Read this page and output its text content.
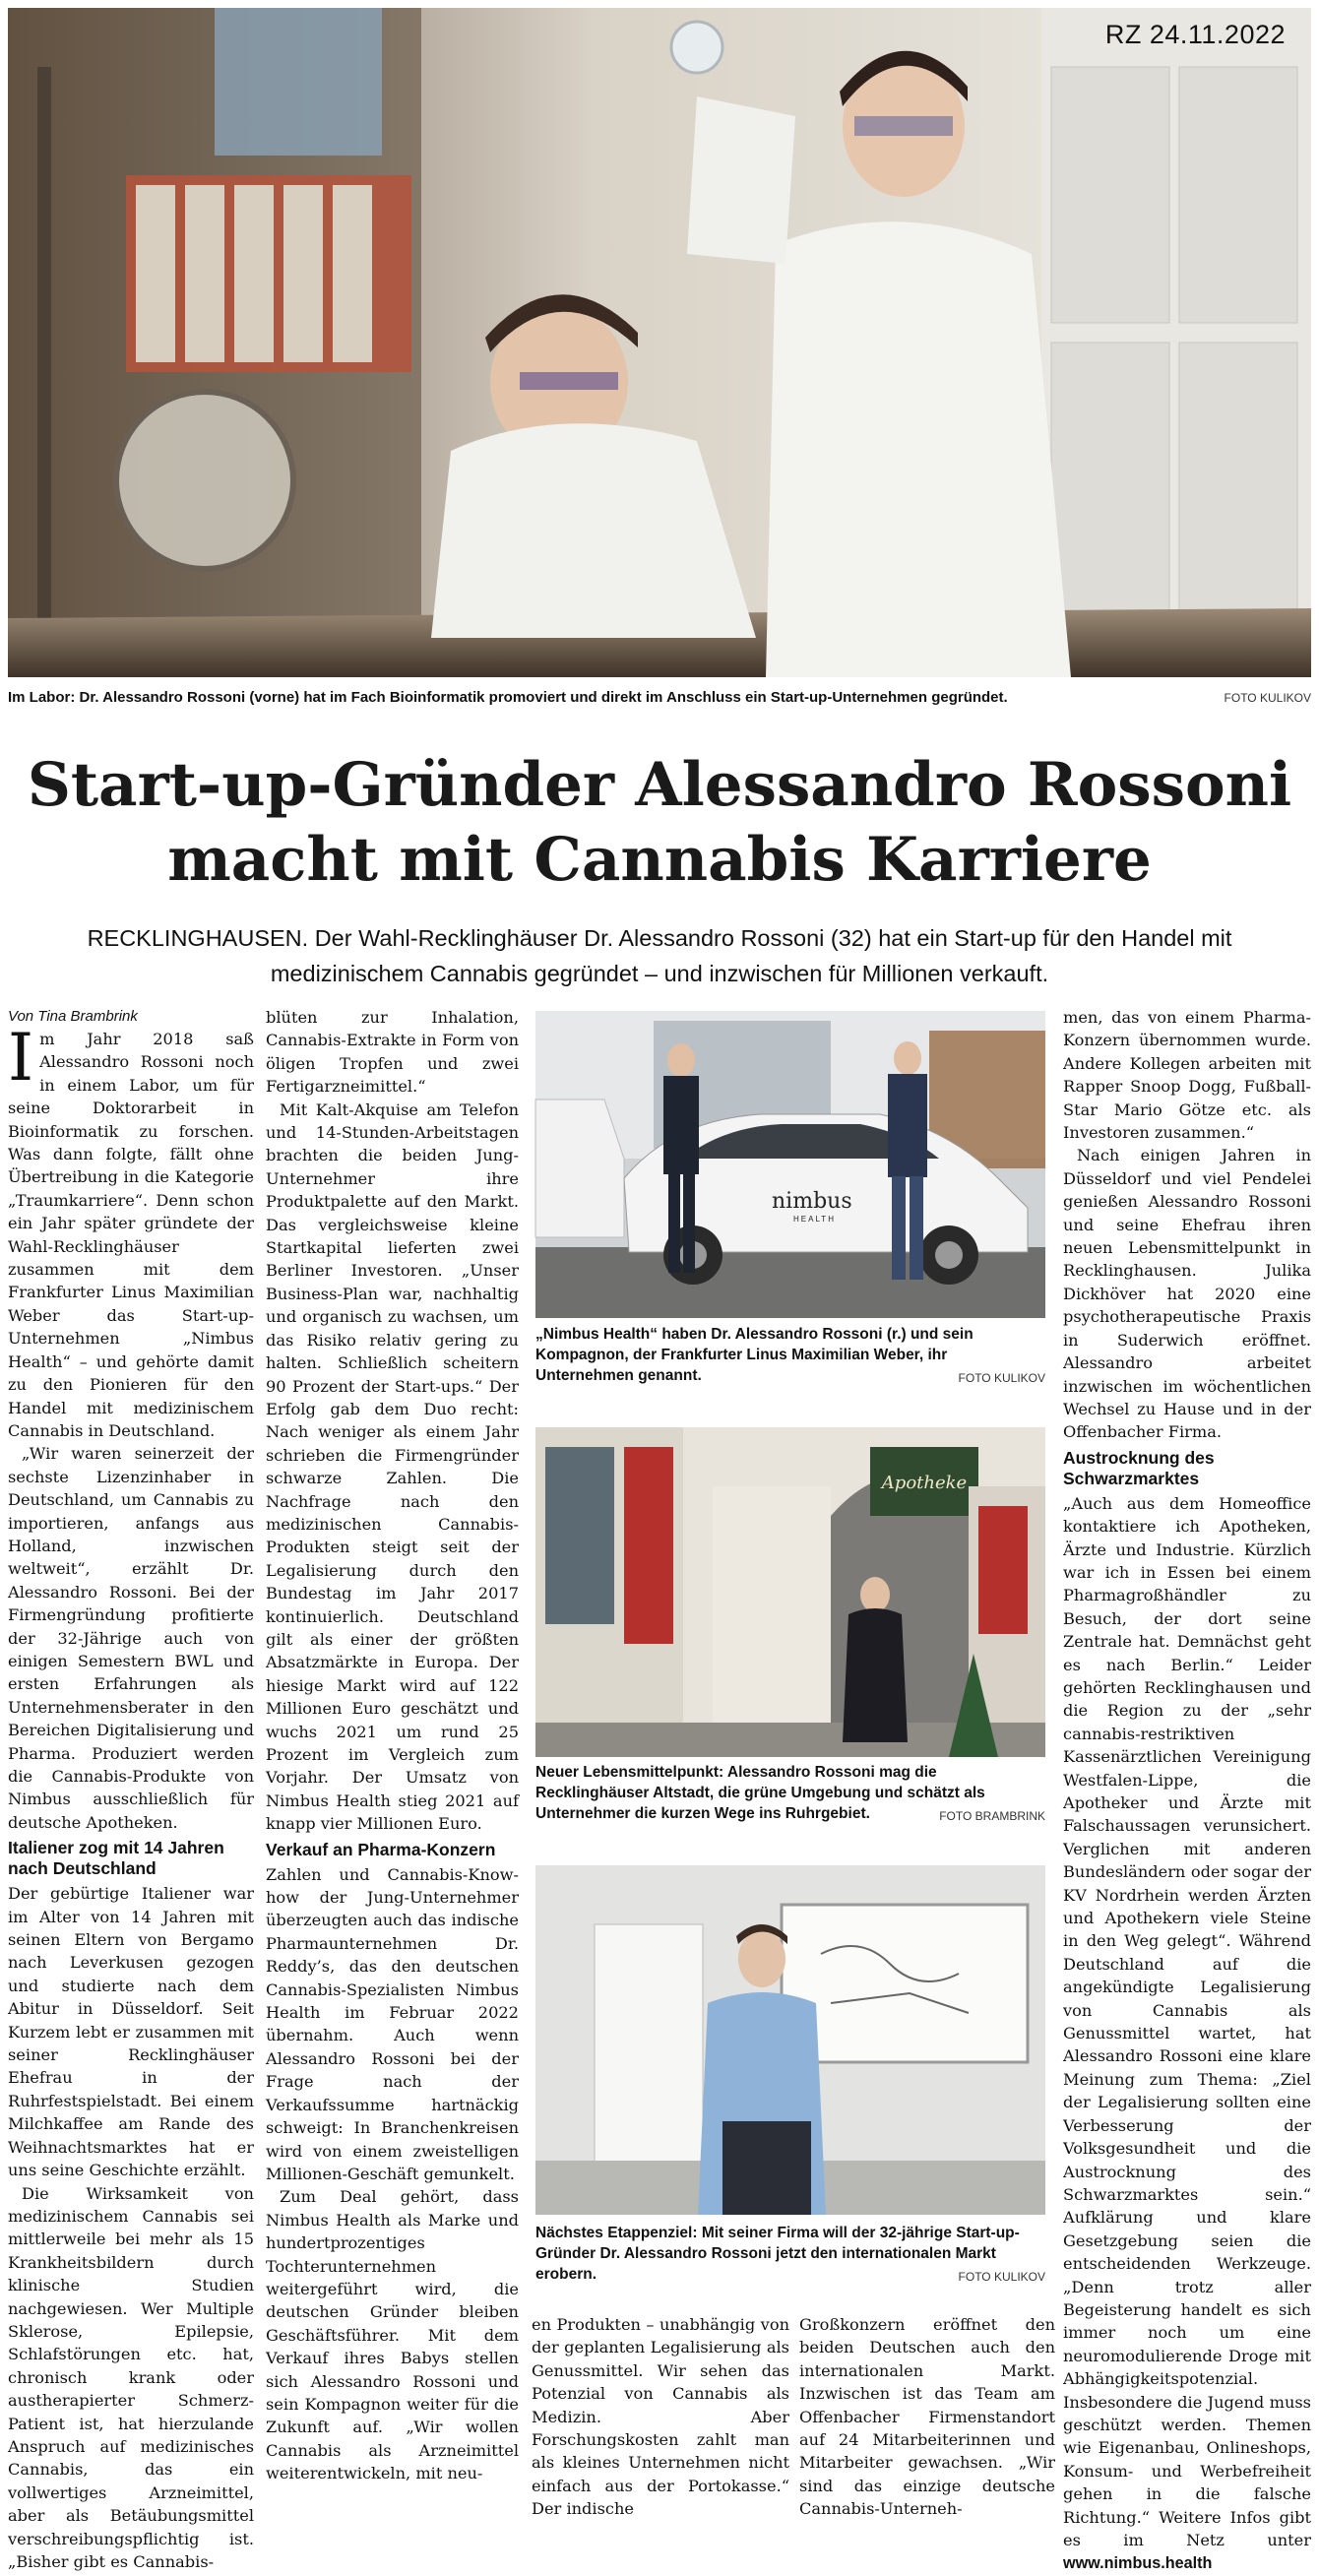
RZ 24.11.2022
Im Labor: Dr. Alessandro Rossoni (vorne) hat im Fach Bioinformatik promoviert und direkt im Anschluss ein Start-up-Unternehmen gegründet.	FOTO KULIKOV
Start-up-Gründer Alessandro Rossoni
macht mit Cannabis Karriere
RECKLINGHAUSEN. Der Wahl-Recklinghäuser Dr. Alessandro Rossoni (32) hat ein Start-up für den Handel mit medizinischem Cannabis gegründet – und inzwischen für Millionen verkauft.
Von Tina Brambrink

Im Jahr 2018 saß Alessandro Rossoni noch in einem Labor, um für seine Doktorarbeit in Bioinformatik zu forschen. Was dann folgte, fällt ohne Übertreibung in die Kategorie „Traumkarriere“. Denn schon ein Jahr später gründete der Wahl-Recklinghäuser zusammen mit dem Frankfurter Linus Maximilian Weber das Start-up-Unternehmen „Nimbus Health“ – und gehörte damit zu den Pionieren für den Handel mit medizinischem Cannabis in Deutschland.

„Wir waren seinerzeit der sechste Lizenzinhaber in Deutschland, um Cannabis zu importieren, anfangs aus Holland, inzwischen weltweit“, erzählt Dr. Alessandro Rossoni. Bei der Firmengründung profitierte der 32-Jährige auch von einigen Semestern BWL und ersten Erfahrungen als Unternehmensberater in den Bereichen Digitalisierung und Pharma. Produziert werden die Cannabis-Produkte von Nimbus ausschließlich für deutsche Apotheken.

Italiener zog mit 14 Jahren nach Deutschland

Der gebürtige Italiener war im Alter von 14 Jahren mit seinen Eltern von Bergamo nach Leverkusen gezogen und studierte nach dem Abitur in Düsseldorf. Seit Kurzem lebt er zusammen mit seiner Recklinghäuser Ehefrau in der Ruhrfestspielstadt. Bei einem Milchkaffee am Rande des Weihnachtsmarktes hat er uns seine Geschichte erzählt.

Die Wirksamkeit von medizinischem Cannabis sei mittlerweile bei mehr als 15 Krankheitsbildern durch klinische Studien nachgewiesen. Wer Multiple Sklerose, Epilepsie, Schlafstörungen etc. hat, chronisch krank oder austherapierter Schmerz-Patient ist, hat hierzulande Anspruch auf medizinisches Cannabis, das ein vollwertiges Arzneimittel, aber als Betäubungsmittel verschreibungspflichtig ist. „Bisher gibt es Cannabis-

blüten zur Inhalation, Cannabis-Extrakte in Form von öligen Tropfen und zwei Fertigarzneimittel.“

Mit Kalt-Akquise am Telefon und 14-Stunden-Arbeitstagen brachten die beiden Jung-Unternehmer ihre Produktpalette auf den Markt. Das vergleichsweise kleine Startkapital lieferten zwei Berliner Investoren. „Unser Business-Plan war, nachhaltig und organisch zu wachsen, um das Risiko relativ gering zu halten. Schließlich scheitern 90 Prozent der Start-ups.“ Der Erfolg gab dem Duo recht: Nach weniger als einem Jahr schrieben die Firmengründer schwarze Zahlen. Die Nachfrage nach den medizinischen Cannabis-Produkten steigt seit der Legalisierung durch den Bundestag im Jahr 2017 kontinuierlich. Deutschland gilt als einer der größten Absatzmärkte in Europa. Der hiesige Markt wird auf 122 Millionen Euro geschätzt und wuchs 2021 um rund 25 Prozent im Vergleich zum Vorjahr. Der Umsatz von Nimbus Health stieg 2021 auf knapp vier Millionen Euro.

Verkauf an Pharma-Konzern

Zahlen und Cannabis-Know-how der Jung-Unternehmer überzeugten auch das indische Pharmaunternehmen Dr. Reddy’s, das den deutschen Cannabis-Spezialisten Nimbus Health im Februar 2022 übernahm. Auch wenn Alessandro Rossoni bei der Frage nach der Verkaufssumme hartnäckig schweigt: In Branchenkreisen wird von einem zweistelligen Millionen-Geschäft gemunkelt.

Zum Deal gehört, dass Nimbus Health als Marke und hundertprozentiges Tochterunternehmen weitergeführt wird, die deutschen Gründer bleiben Geschäftsführer. Mit dem Verkauf ihres Babys stellen sich Alessandro Rossoni und sein Kompagnon weiter für die Zukunft auf. „Wir wollen Cannabis als Arzneimittel weiterentwickeln, mit neu-

nimbus
HEALTH
„Nimbus Health“ haben Dr. Alessandro Rossoni (r.) und sein Kompagnon, der Frankfurter Linus Maximilian Weber, ihr Unternehmen genannt.	FOTO KULIKOV
Apotheke
Neuer Lebensmittelpunkt: Alessandro Rossoni mag die Recklinghäuser Altstadt, die grüne Umgebung und schätzt als Unternehmer die kurzen Wege ins Ruhrgebiet.	FOTO BRAMBRINK
Nächstes Etappenziel: Mit seiner Firma will der 32-jährige Start-up-Gründer Dr. Alessandro Rossoni jetzt den internationalen Markt erobern.	FOTO KULIKOV

en Produkten – unabhängig von der geplanten Legalisierung als Genussmittel. Wir sehen das Potenzial von Cannabis als Medizin. Aber Forschungskosten zahlt man als kleines Unternehmen nicht einfach aus der Portokasse.“ Der indische

Großkonzern eröffnet den beiden Deutschen auch den internationalen Markt. Inzwischen ist das Team am Offenbacher Firmenstandort auf 24 Mitarbeiterinnen und Mitarbeiter gewachsen. „Wir sind das einzige deutsche Cannabis-Unterneh-

men, das von einem Pharma-Konzern übernommen wurde. Andere Kollegen arbeiten mit Rapper Snoop Dogg, Fußball-Star Mario Götze etc. als Investoren zusammen.“

Nach einigen Jahren in Düsseldorf und viel Pendelei genießen Alessandro Rossoni und seine Ehefrau ihren neuen Lebensmittelpunkt in Recklinghausen. Julika Dickhöver hat 2020 eine psychotherapeutische Praxis in Suderwich eröffnet. Alessandro arbeitet inzwischen im wöchentlichen Wechsel zu Hause und in der Offenbacher Firma.

Austrocknung des Schwarzmarktes

„Auch aus dem Homeoffice kontaktiere ich Apotheken, Ärzte und Industrie. Kürzlich war ich in Essen bei einem Pharmagroßhändler zu Besuch, der dort seine Zentrale hat. Demnächst geht es nach Berlin.“ Leider gehörten Recklinghausen und die Region zu der „sehr cannabis-restriktiven Kassenärztlichen Vereinigung Westfalen-Lippe, die Apotheker und Ärzte mit Falschaussagen verunsichert. Verglichen mit anderen Bundesländern oder sogar der KV Nordrhein werden Ärzten und Apothekern viele Steine in den Weg gelegt“. Während Deutschland auf die angekündigte Legalisierung von Cannabis als Genussmittel wartet, hat Alessandro Rossoni eine klare Meinung zum Thema: „Ziel der Legalisierung sollten eine Verbesserung der Volksgesundheit und die Austrocknung des Schwarzmarktes sein.“ Aufklärung und klare Gesetzgebung seien die entscheidenden Werkzeuge. „Denn trotz aller Begeisterung handelt es sich immer noch um eine neuromodulierende Droge mit Abhängigkeitspotenzial. Insbesondere die Jugend muss geschützt werden. Themen wie Eigenanbau, Onlineshops, Konsum- und Werbefreiheit gehen in die falsche Richtung.“ Weitere Infos gibt es im Netz unter www.nimbus.health
